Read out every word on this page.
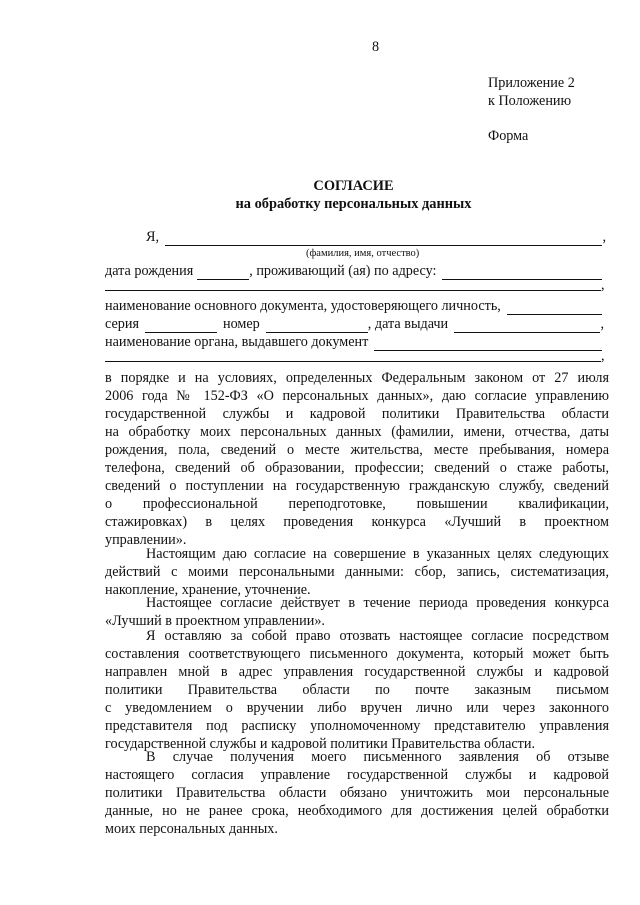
8
Приложение 2
к Положению
Форма
СОГЛАСИЕ
на обработку персональных данных
Я,	,
(фамилия, имя, отчество)
дата рождения	, проживающий (ая) по адресу:
,
наименование основного документа, удостоверяющего личность,
серия	номер	, дата выдачи	,
наименование органа, выдавшего документ
,
в порядке и на условиях, определенных Федеральным законом от 27 июля
2006 года № 152-ФЗ «О персональных данных», даю согласие управлению
государственной службы и кадровой политики Правительства области
на обработку моих персональных данных (фамилии, имени, отчества, даты
рождения, пола, сведений о месте жительства, месте пребывания, номера
телефона, сведений об образовании, профессии; сведений о стаже работы,
сведений о поступлении на государственную гражданскую службу, сведений
о профессиональной переподготовке, повышении квалификации,
стажировках) в целях проведения конкурса «Лучший в проектном
управлении».
Настоящим даю согласие на совершение в указанных целях следующих
действий с моими персональными данными: сбор, запись, систематизация,
накопление, хранение, уточнение.
Настоящее согласие действует в течение периода проведения конкурса
«Лучший в проектном управлении».
Я оставляю за собой право отозвать настоящее согласие посредством
составления соответствующего письменного документа, который может быть
направлен мной в адрес управления государственной службы и кадровой
политики Правительства области по почте заказным письмом
с уведомлением о вручении либо вручен лично или через законного
представителя под расписку уполномоченному представителю управления
государственной службы и кадровой политики Правительства области.
В случае получения моего письменного заявления об отзыве
настоящего согласия управление государственной службы и кадровой
политики Правительства области обязано уничтожить мои персональные
данные, но не ранее срока, необходимого для достижения целей обработки
моих персональных данных.
